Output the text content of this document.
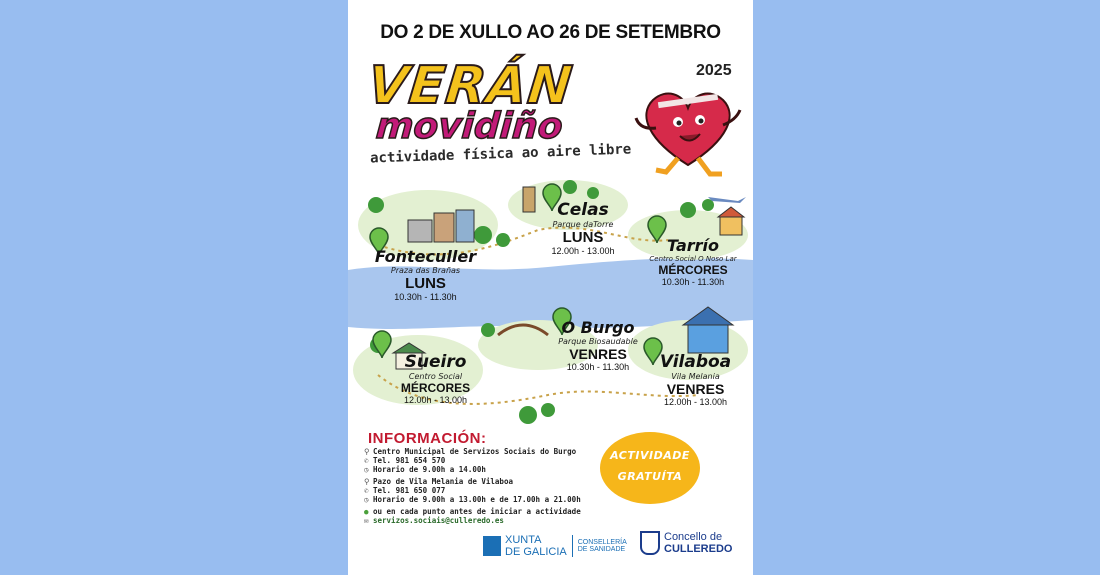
DO 2 DE XULLO AO 26 DE SETEMBRO
VERÁN	2025
movidiño
actividade física ao aire libre
Celas
Parque daTorre
LUNS
12.00h - 13.00h	Tarrío
Centro Social O Noso Lar
MÉRCORES
10.30h - 11.30h
Fonteculler
Praza das Brañas
LUNS
10.30h - 11.30h
O Burgo
Parque Biosaudable
VENRES
10.30h - 11.30h
Sueiro
Centro Social
MÉRCORES
12.00h - 13.00h
Vilaboa
Vila Melania
VENRES
12.00h - 13.00h
INFORMACIÓN:
⚲ Centro Municipal de Servizos Sociais do Burgo
✆ Tel. 981 654 570
◷ Horario de 9.00h a 14.00h
⚲ Pazo de Vila Melania de Vilaboa
✆ Tel. 981 650 077
◷ Horario de 9.00h a 13.00h e de 17.00h a 21.00h
● ou en cada punto antes de iniciar a actividade
✉ servizos.sociais@culleredo.es
ACTIVIDADE
GRATUÍTA
XUNTA
DE GALICIA
CONSELLERÍA
DE SANIDADE
Concello de
CULLEREDO
